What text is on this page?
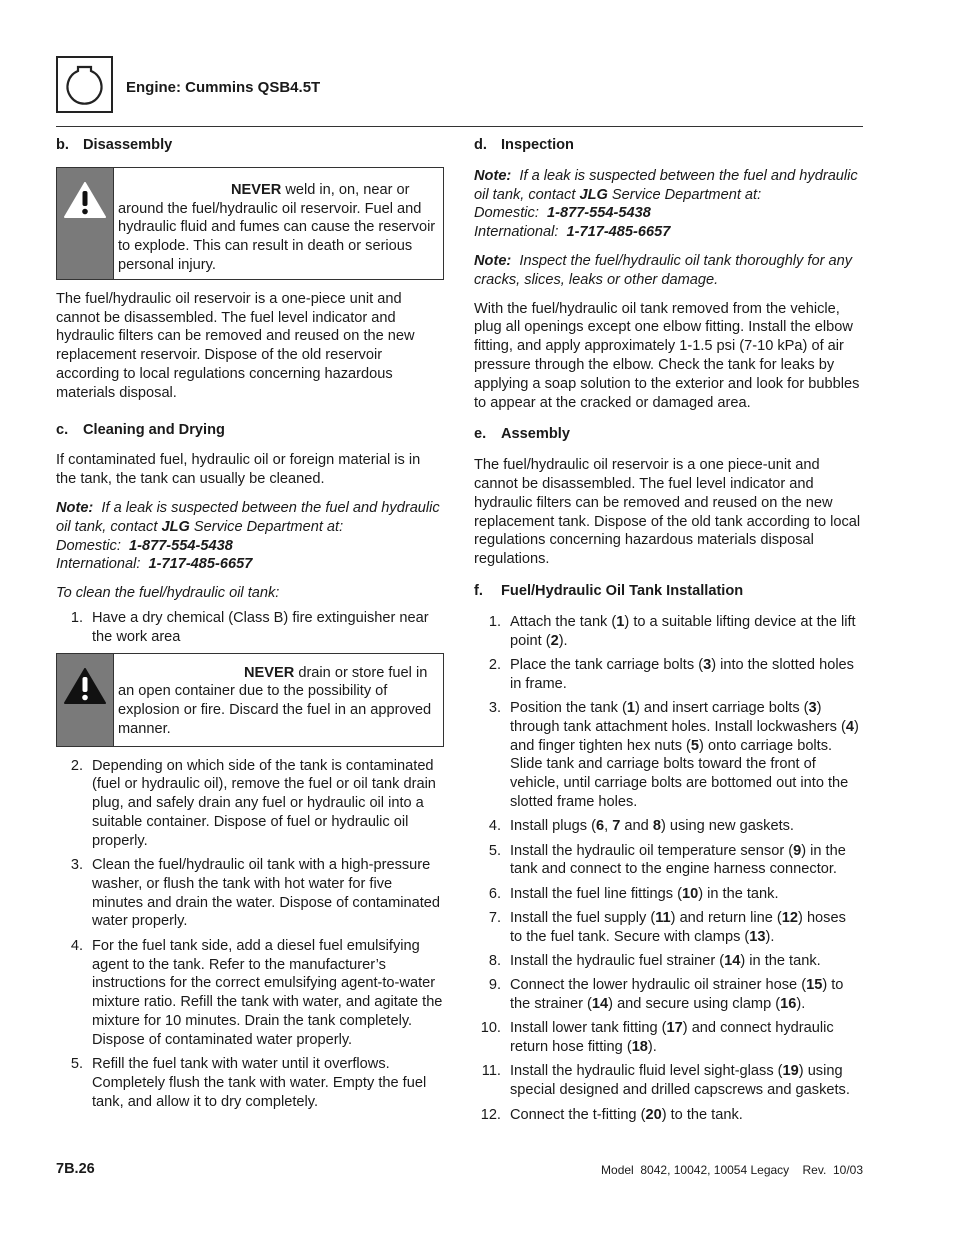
Engine: Cummins QSB4.5T
b. Disassembly
NEVER weld in, on, near or around the fuel/hydraulic oil reservoir. Fuel and hydraulic fluid and fumes can cause the reservoir to explode. This can result in death or serious personal injury.

The fuel/hydraulic oil reservoir is a one-piece unit and cannot be disassembled. The fuel level indicator and hydraulic filters can be removed and reused on the new replacement reservoir. Dispose of the old reservoir according to local regulations concerning hazardous materials disposal.

c. Cleaning and Drying

If contaminated fuel, hydraulic oil or foreign material is in the tank, the tank can usually be cleaned.

Note: If a leak is suspected between the fuel and hydraulic oil tank, contact JLG Service Department at:
Domestic: 1-877-554-5438
International: 1-717-485-6657

To clean the fuel/hydraulic oil tank:

1. Have a dry chemical (Class B) fire extinguisher near the work area
NEVER drain or store fuel in an open container due to the possibility of explosion or fire. Discard the fuel in an approved manner.
2. Depending on which side of the tank is contaminated (fuel or hydraulic oil), remove the fuel or oil tank drain plug, and safely drain any fuel or hydraulic oil into a suitable container. Dispose of fuel or hydraulic oil properly.
3. Clean the fuel/hydraulic oil tank with a high-pressure washer, or flush the tank with hot water for five minutes and drain the water. Dispose of contaminated water properly.
4. For the fuel tank side, add a diesel fuel emulsifying agent to the tank. Refer to the manufacturer’s instructions for the correct emulsifying agent-to-water mixture ratio. Refill the tank with water, and agitate the mixture for 10 minutes. Drain the tank completely. Dispose of contaminated water properly.
5. Refill the fuel tank with water until it overflows. Completely flush the tank with water. Empty the fuel tank, and allow it to dry completely.
d. Inspection
Note: If a leak is suspected between the fuel and hydraulic oil tank, contact JLG Service Department at:
Domestic: 1-877-554-5438
International: 1-717-485-6657
Note: Inspect the fuel/hydraulic oil tank thoroughly for any cracks, slices, leaks or other damage.

With the fuel/hydraulic oil tank removed from the vehicle, plug all openings except one elbow fitting. Install the elbow fitting, and apply approximately 1-1.5 psi (7-10 kPa) of air pressure through the elbow. Check the tank for leaks by applying a soap solution to the exterior and look for bubbles to appear at the cracked or damaged area.

e. Assembly

The fuel/hydraulic oil reservoir is a one piece-unit and cannot be disassembled. The fuel level indicator and hydraulic filters can be removed and reused on the new replacement tank. Dispose of the old tank according to local regulations concerning hazardous materials disposal regulations.

f. Fuel/Hydraulic Oil Tank Installation
1. Attach the tank (1) to a suitable lifting device at the lift point (2).
2. Place the tank carriage bolts (3) into the slotted holes in frame.
3. Position the tank (1) and insert carriage bolts (3) through tank attachment holes. Install lockwashers (4) and finger tighten hex nuts (5) onto carriage bolts. Slide tank and carriage bolts toward the front of vehicle, until carriage bolts are bottomed out into the slotted frame holes.
4. Install plugs (6, 7 and 8) using new gaskets.
5. Install the hydraulic oil temperature sensor (9) in the tank and connect to the engine harness connector.
6. Install the fuel line fittings (10) in the tank.
7. Install the fuel supply (11) and return line (12) hoses to the fuel tank. Secure with clamps (13).
8. Install the hydraulic fuel strainer (14) in the tank.
9. Connect the lower hydraulic oil strainer hose (15) to the strainer (14) and secure using clamp (16).
10. Install lower tank fitting (17) and connect hydraulic return hose fitting (18).
11. Install the hydraulic fluid level sight-glass (19) using special designed and drilled capscrews and gaskets.
12. Connect the t-fitting (20) to the tank.
7B.26	Model  8042, 10042, 10054 Legacy    Rev.  10/03
